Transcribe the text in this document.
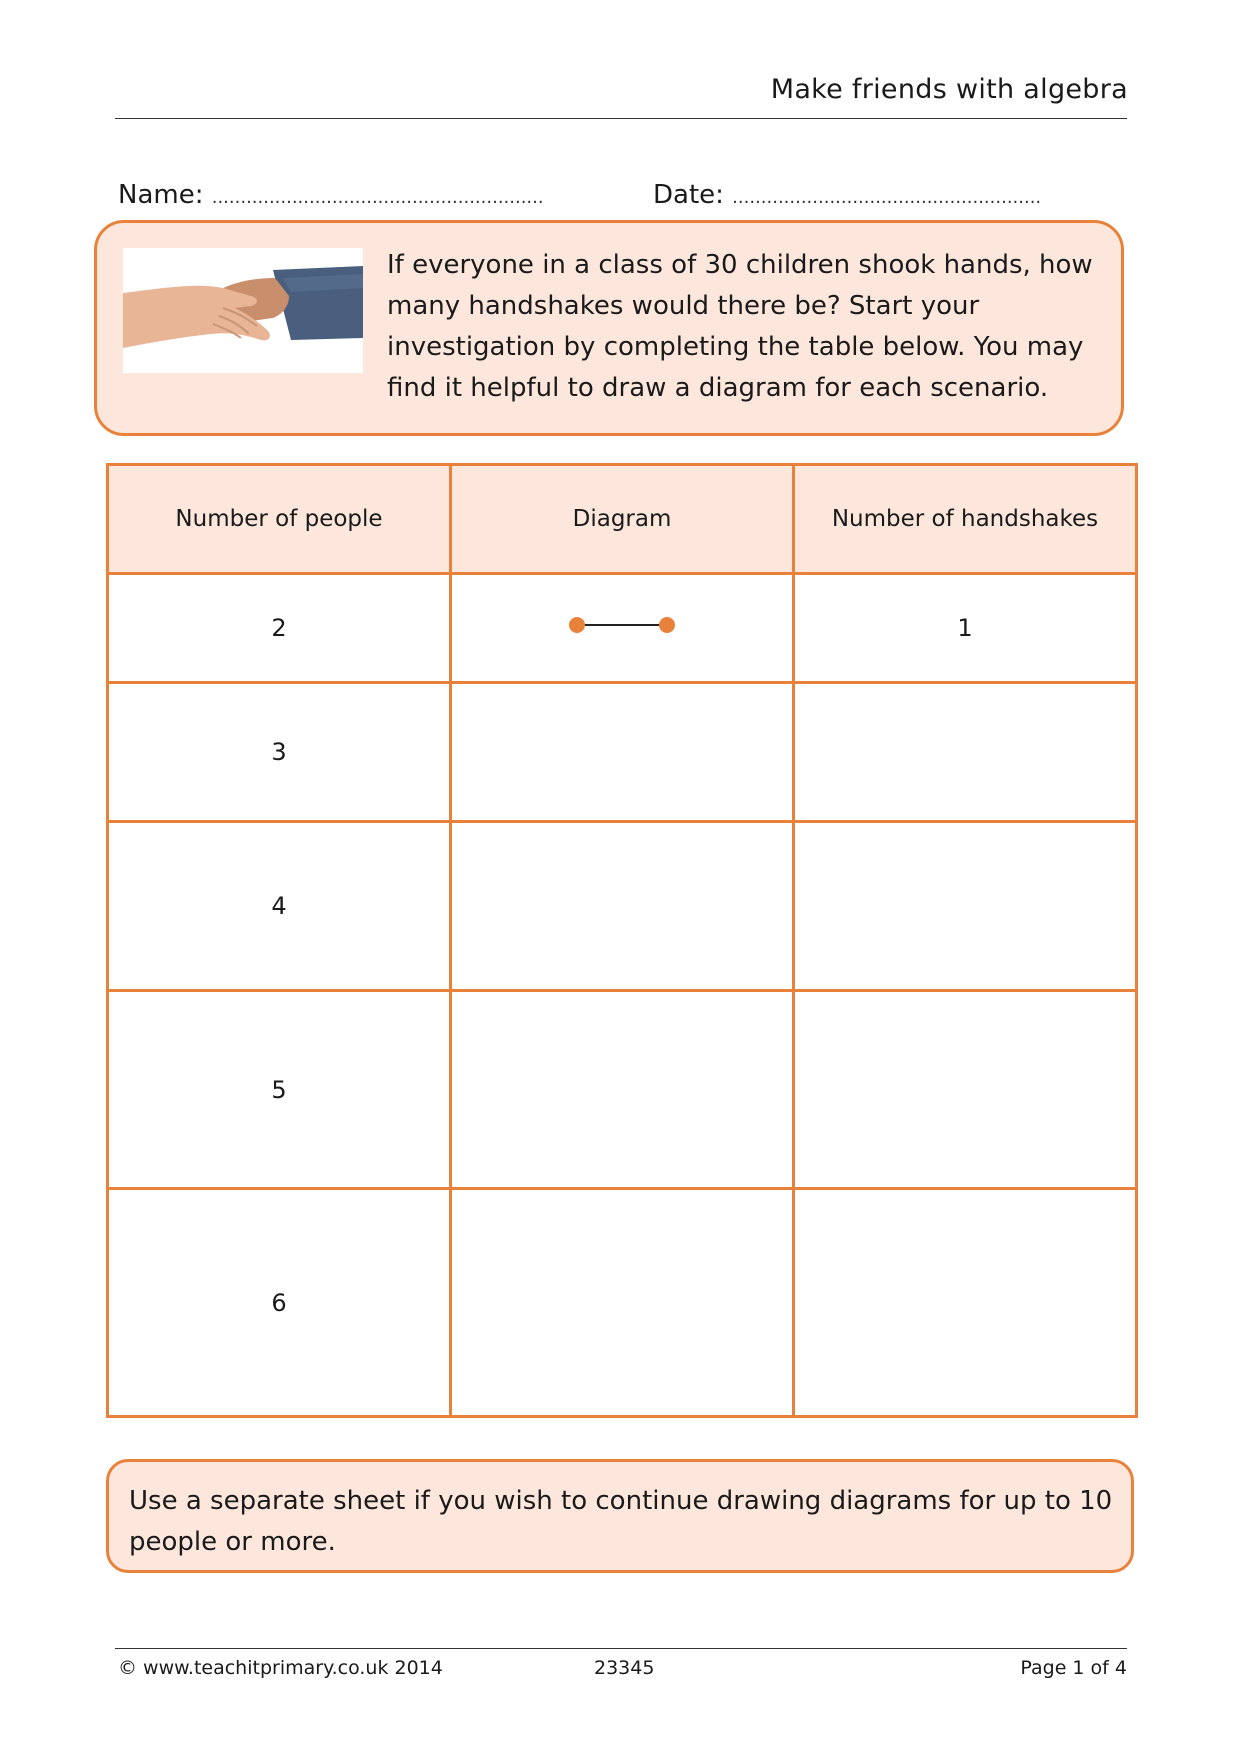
Make friends with algebra
Name: ..........................................................	Date: ......................................................
If everyone in a class of 30 children shook hands, how many handshakes would there be? Start your investigation by completing the table below. You may find it helpful to draw a diagram for each scenario.
Number of people	Diagram	Number of handshakes
2		1
3		
4		
5		
6		
Use a separate sheet if you wish to continue drawing diagrams for up to 10 people or more.
© www.teachitprimary.co.uk 2014	23345	Page 1 of 4
